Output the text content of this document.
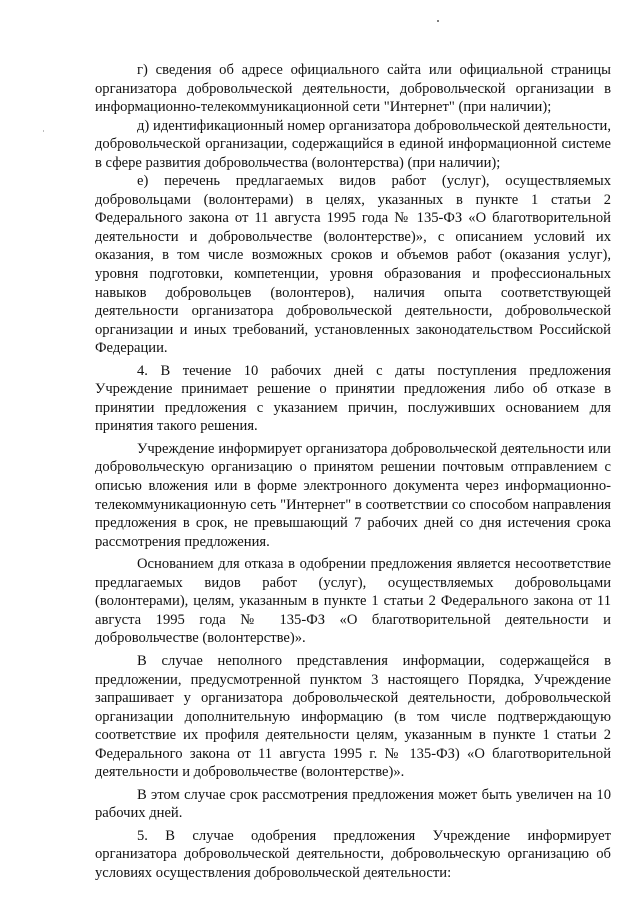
г) сведения об адресе официального сайта или официальной страницы организатора добровольческой деятельности, добровольческой организации в информационно-телекоммуникационной сети "Интернет" (при наличии);

д) идентификационный номер организатора добровольческой деятельности, добровольческой организации, содержащийся в единой информационной системе в сфере развития добровольчества (волонтерства) (при наличии);

е) перечень предлагаемых видов работ (услуг), осуществляемых добровольцами (волонтерами) в целях, указанных в пункте 1 статьи 2 Федерального закона от 11 августа 1995 года № 135-ФЗ «О благотворительной деятельности и добровольчестве (волонтерстве)», с описанием условий их оказания, в том числе возможных сроков и объемов работ (оказания услуг), уровня подготовки, компетенции, уровня образования и профессиональных навыков добровольцев (волонтеров), наличия опыта соответствующей деятельности организатора добровольческой деятельности, добровольческой организации и иных требований, установленных законодательством Российской Федерации.

4. В течение 10 рабочих дней с даты поступления предложения Учреждение принимает решение о принятии предложения либо об отказе в принятии предложения с указанием причин, послуживших основанием для принятия такого решения.

Учреждение информирует организатора добровольческой деятельности или добровольческую организацию о принятом решении почтовым отправлением с описью вложения или в форме электронного документа через информационно-телекоммуникационную сеть "Интернет" в соответствии со способом направления предложения в срок, не превышающий 7 рабочих дней со дня истечения срока рассмотрения предложения.

Основанием для отказа в одобрении предложения является несоответствие предлагаемых видов работ (услуг), осуществляемых добровольцами (волонтерами), целям, указанным в пункте 1 статьи 2 Федерального закона от 11 августа 1995 года № 135-ФЗ «О благотворительной деятельности и добровольчестве (волонтерстве)».

В случае неполного представления информации, содержащейся в предложении, предусмотренной пунктом 3 настоящего Порядка, Учреждение запрашивает у организатора добровольческой деятельности, добровольческой организации дополнительную информацию (в том числе подтверждающую соответствие их профиля деятельности целям, указанным в пункте 1 статьи 2 Федерального закона от 11 августа 1995 г. № 135-ФЗ) «О благотворительной деятельности и добровольчестве (волонтерстве)».

В этом случае срок рассмотрения предложения может быть увеличен на 10 рабочих дней.

5. В случае одобрения предложения Учреждение информирует организатора добровольческой деятельности, добровольческую организацию об условиях осуществления добровольческой деятельности:
